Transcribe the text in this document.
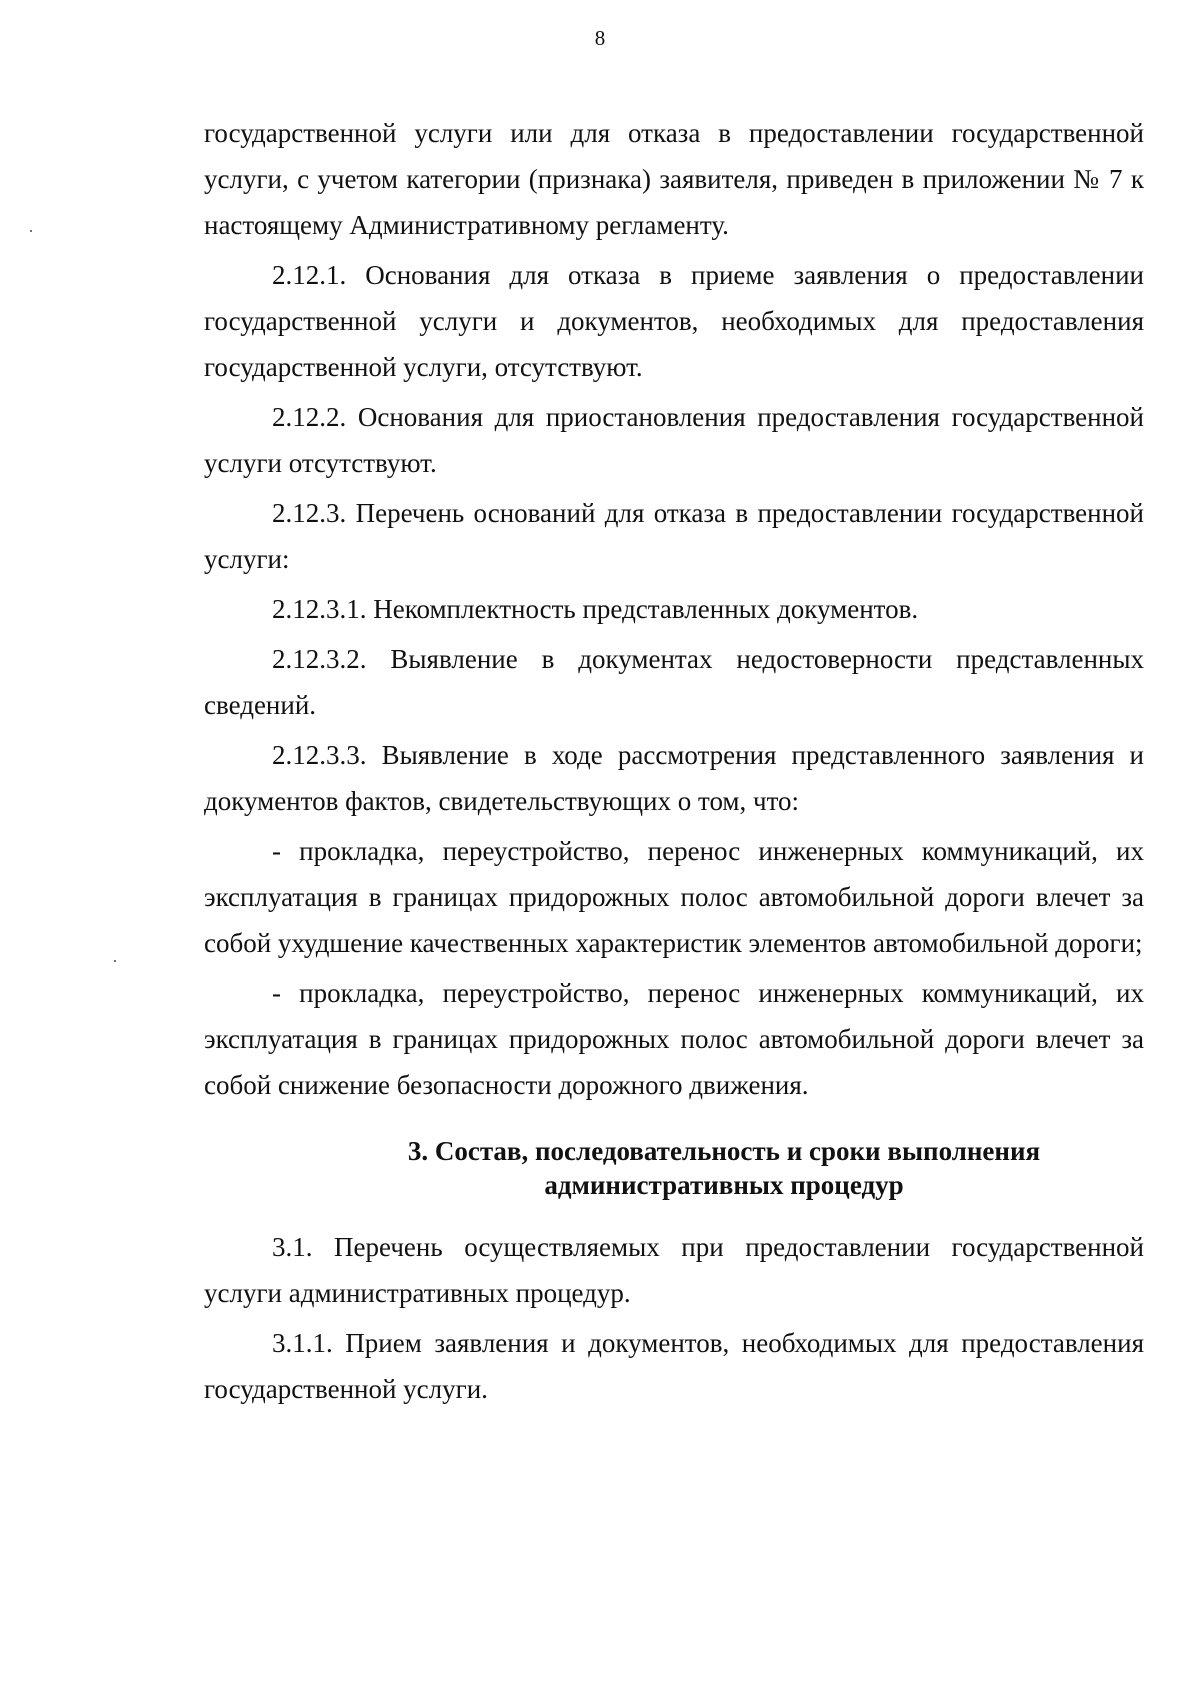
8

государственной услуги или для отказа в предоставлении государственной услуги, с учетом категории (признака) заявителя, приведен в приложении № 7 к настоящему Административному регламенту.

2.12.1. Основания для отказа в приеме заявления о предоставлении государственной услуги и документов, необходимых для предоставления государственной услуги, отсутствуют.

2.12.2. Основания для приостановления предоставления государственной услуги отсутствуют.

2.12.3. Перечень оснований для отказа в предоставлении государственной услуги:

2.12.3.1. Некомплектность представленных документов.

2.12.3.2. Выявление в документах недостоверности представленных сведений.

2.12.3.3. Выявление в ходе рассмотрения представленного заявления и документов фактов, свидетельствующих о том, что:

- прокладка, переустройство, перенос инженерных коммуникаций, их эксплуатация в границах придорожных полос автомобильной дороги влечет за собой ухудшение качественных характеристик элементов автомобильной дороги;

- прокладка, переустройство, перенос инженерных коммуникаций, их эксплуатация в границах придорожных полос автомобильной дороги влечет за собой снижение безопасности дорожного движения.

3. Состав, последовательность и сроки выполнения
административных процедур

3.1. Перечень осуществляемых при предоставлении государственной услуги административных процедур.

3.1.1. Прием заявления и документов, необходимых для предоставления государственной услуги.
